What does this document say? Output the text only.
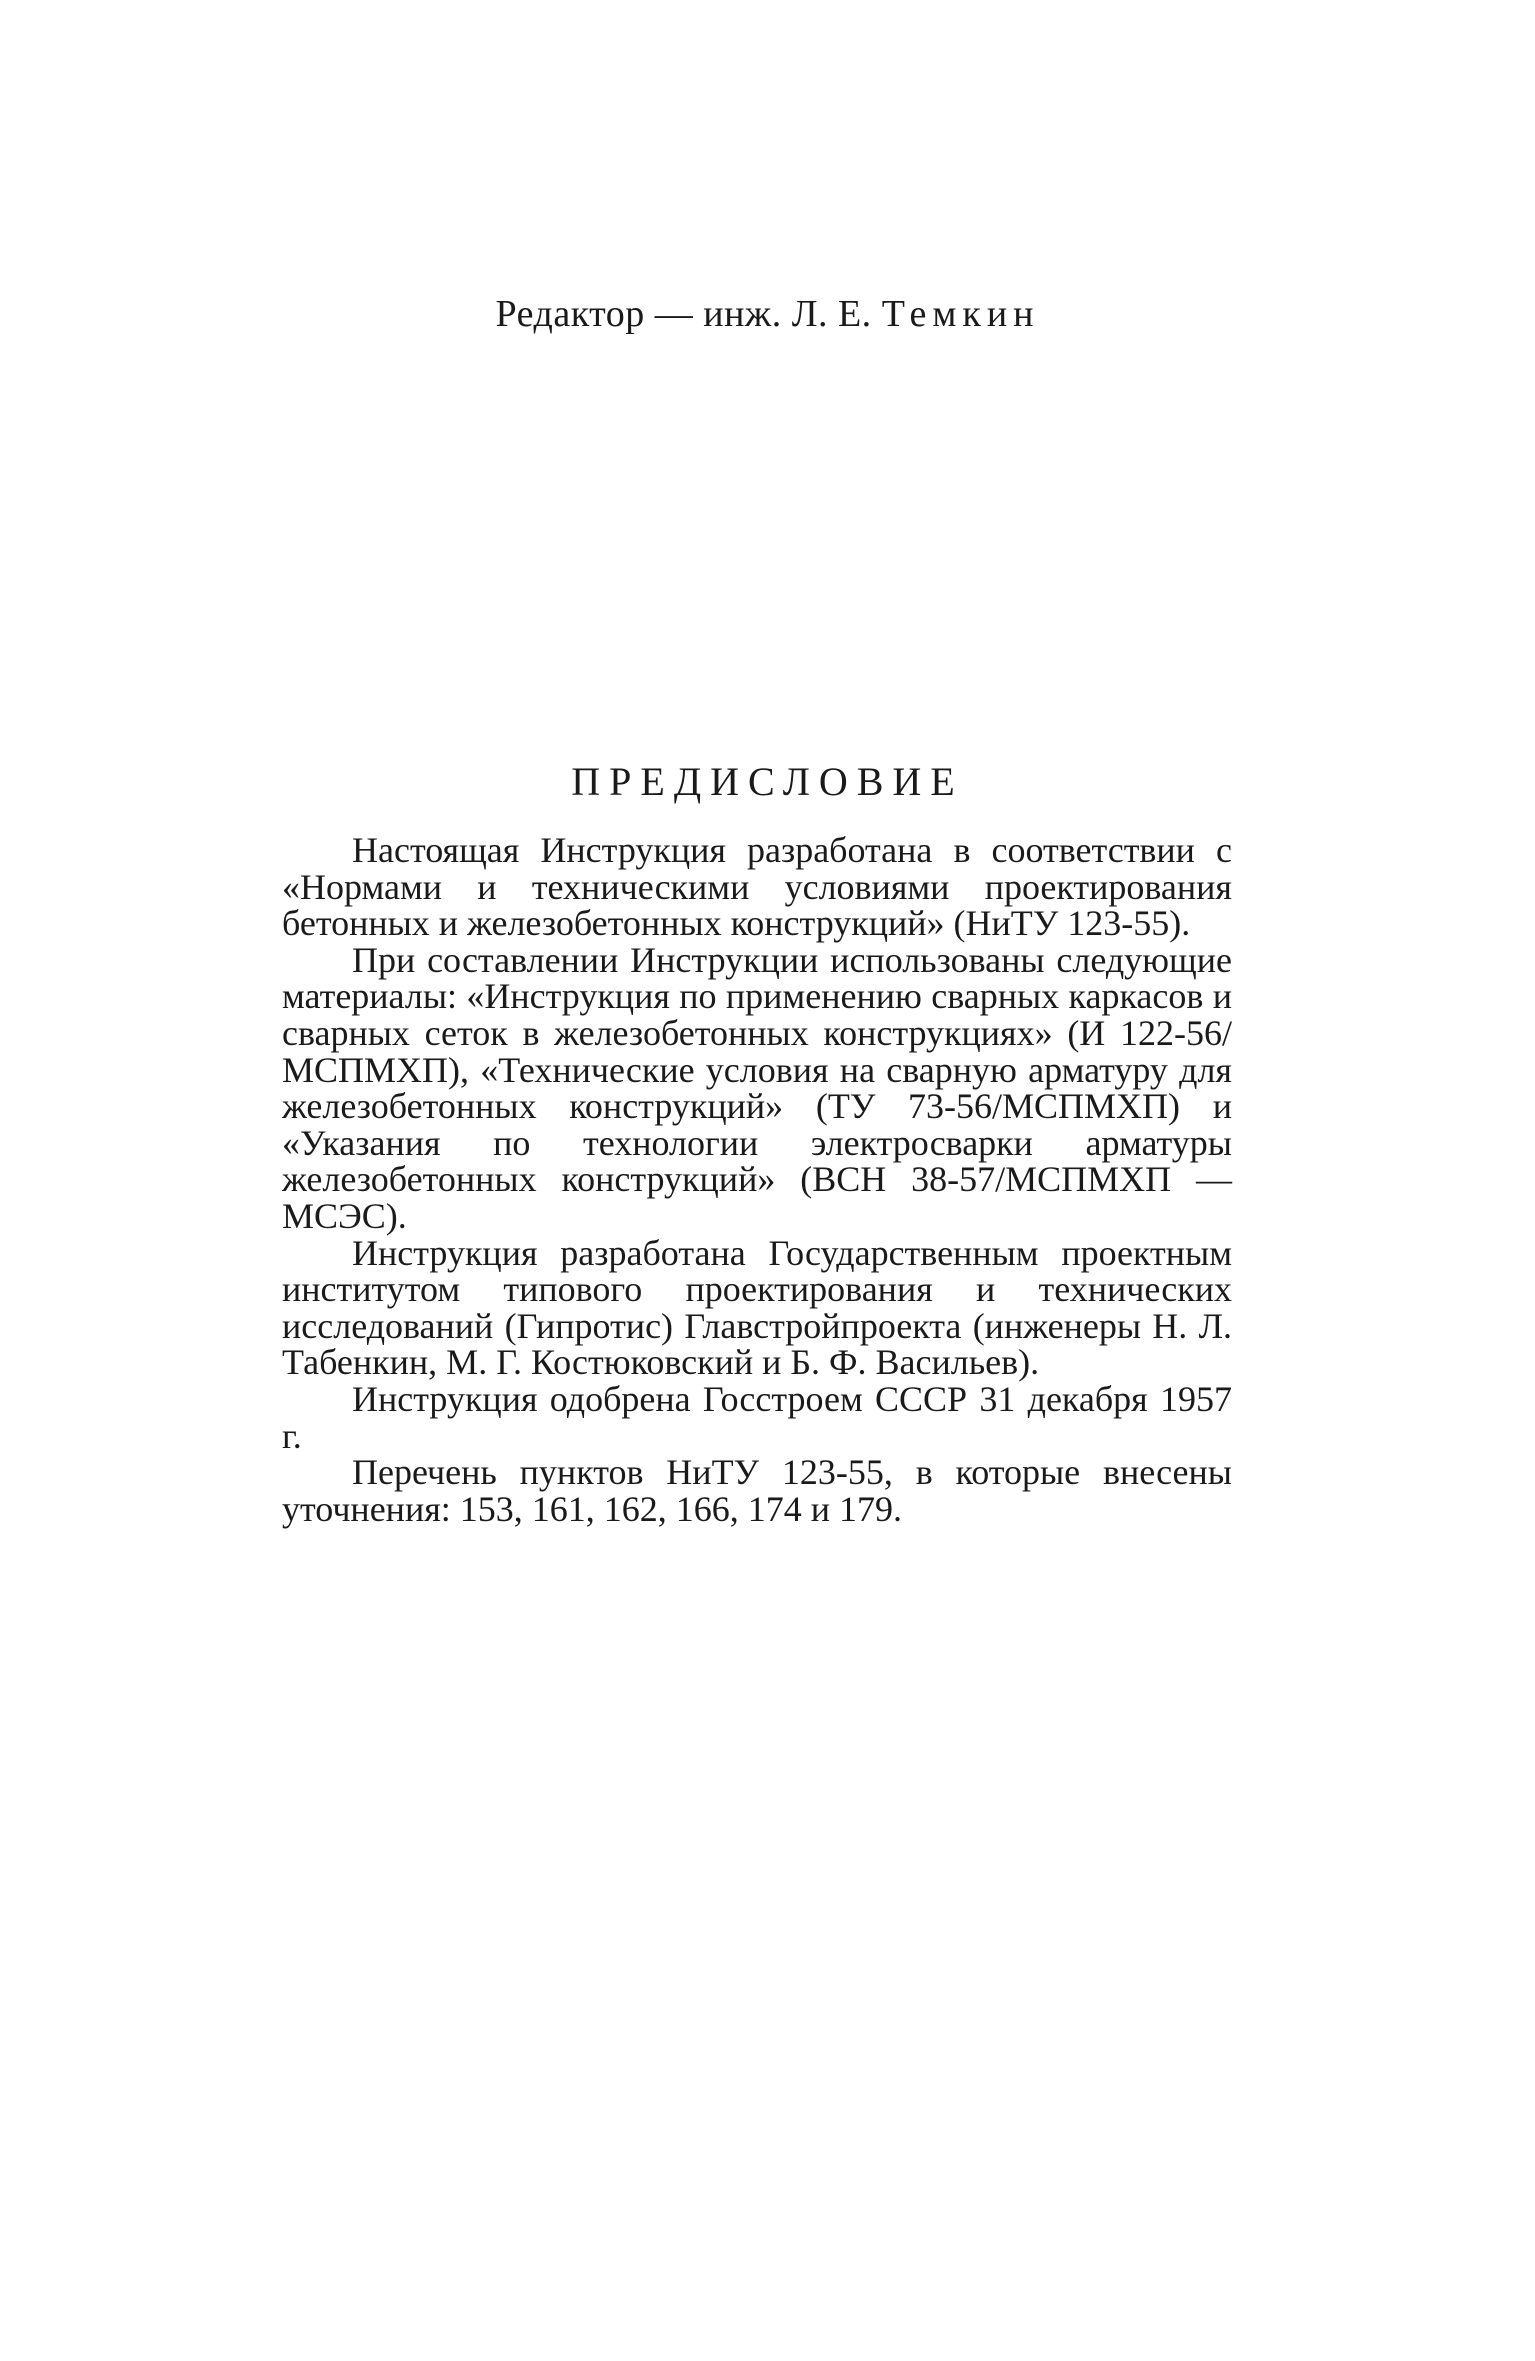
Редактор — инж. Л. Е. Темкин
ПРЕДИСЛОВИЕ

Настоящая Инструкция разработана в соответствии с «Нормами и техническими условиями проектирования бетонных и железобетонных конструкций» (НиТУ 123-55).

При составлении Инструкции использованы следующие материалы: «Инструкция по применению сварных каркасов и сварных сеток в железобетонных конструкциях» (И 122-56/МСПМХП), «Технические условия на сварную арматуру для железобетонных конструкций» (ТУ 73-56/МСПМХП) и «Указания по технологии электросварки арматуры железобетонных конструкций» (ВСН 38-57/МСПМХП — МСЭС).

Инструкция разработана Государственным проектным институтом типового проектирования и технических исследований (Гипротис) Главстройпроекта (инженеры Н. Л. Табенкин, М. Г. Костюковский и Б. Ф. Васильев).

Инструкция одобрена Госстроем СССР 31 декабря 1957 г.

Перечень пунктов НиТУ 123-55, в которые внесены уточнения: 153, 161, 162, 166, 174 и 179.
